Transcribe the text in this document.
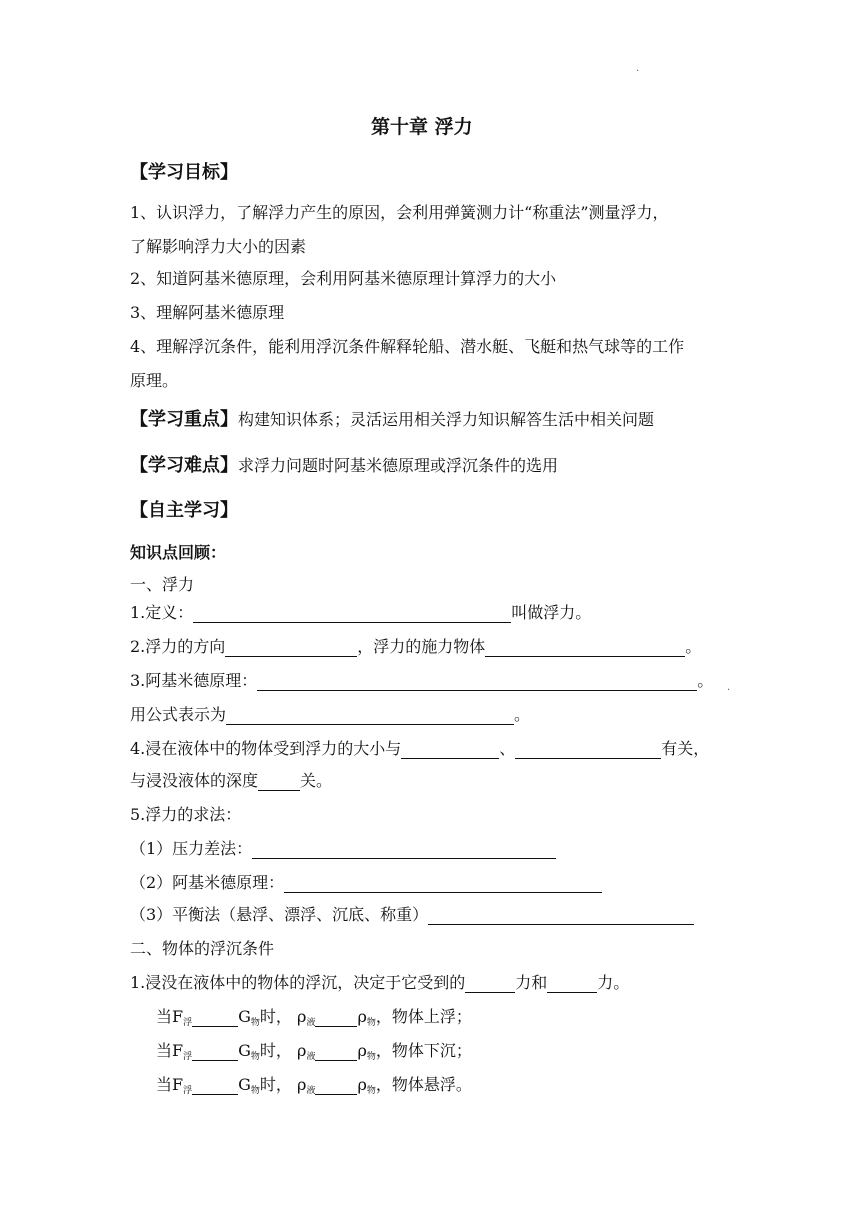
.
第十章 浮力
【学习目标】
1、认识浮力，了解浮力产生的原因，会利用弹簧测力计“称重法”测量浮力，
了解影响浮力大小的因素
2、知道阿基米德原理，会利用阿基米德原理计算浮力的大小
3、理解阿基米德原理
4、理解浮沉条件，能利用浮沉条件解释轮船、潜水艇、飞艇和热气球等的工作
原理。
【学习重点】构建知识体系；灵活运用相关浮力知识解答生活中相关问题
【学习难点】求浮力问题时阿基米德原理或浮沉条件的选用
【自主学习】
知识点回顾：
一、浮力
1.定义：	叫做浮力。
2.浮力的方向	，浮力的施力物体	。
3.阿基米德原理：	。 .
用公式表示为	。
4.浸在液体中的物体受到浮力的大小与	、	有关，
与浸没液体的深度	关。
5.浮力的求法：
（1）压力差法：
（2）阿基米德原理：
（3）平衡法（悬浮、漂浮、沉底、称重）
二、物体的浮沉条件
1.浸没在液体中的物体的浮沉，决定于它受到的	力和	力。
当$F_浮$	$G_物$时， $\rho_液$	$\rho_物$，物体上浮；
当$F_浮$	$G_物$时， $\rho_液$	$\rho_物$，物体下沉；
当$F_浮$	$G_物$时， $\rho_液$	$\rho_物$，物体悬浮。
